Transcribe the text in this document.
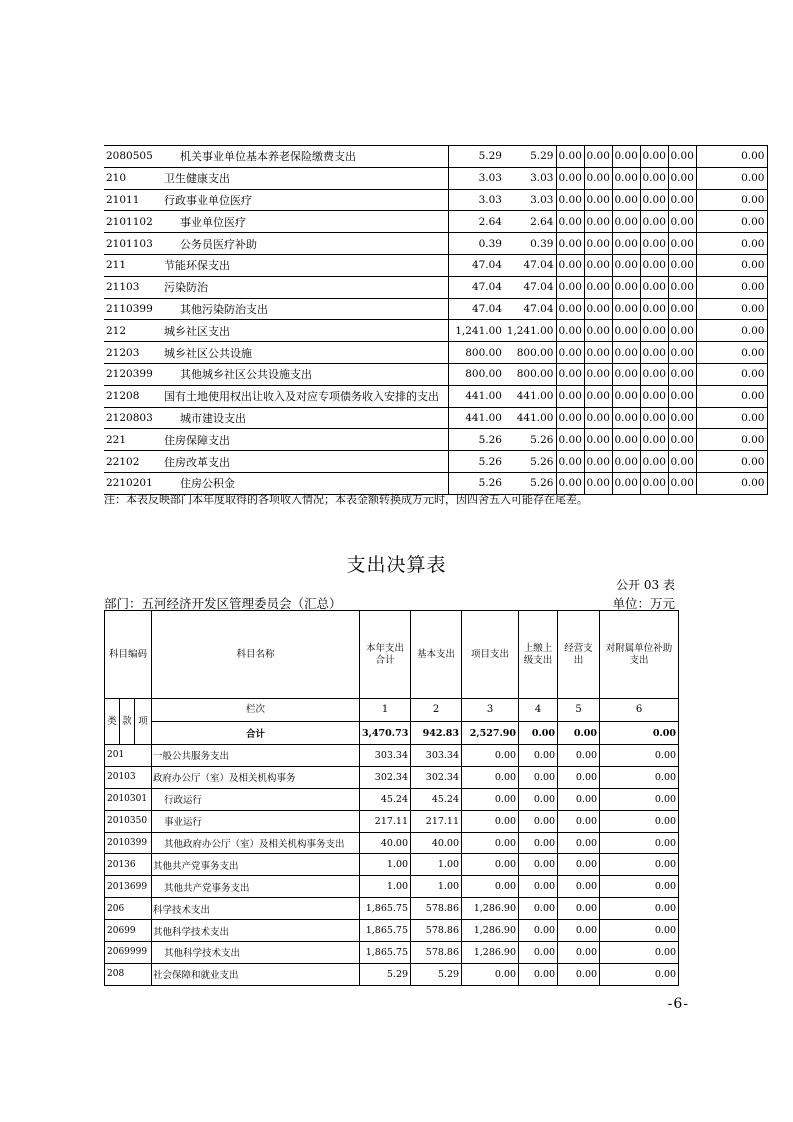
2080505	机关事业单位基本养老保险缴费支出	5.29	5.29	0.00	0.00	0.00	0.00	0.00	0.00
210	卫生健康支出	3.03	3.03	0.00	0.00	0.00	0.00	0.00	0.00
21011	行政事业单位医疗	3.03	3.03	0.00	0.00	0.00	0.00	0.00	0.00
2101102	事业单位医疗	2.64	2.64	0.00	0.00	0.00	0.00	0.00	0.00
2101103	公务员医疗补助	0.39	0.39	0.00	0.00	0.00	0.00	0.00	0.00
211	节能环保支出	47.04	47.04	0.00	0.00	0.00	0.00	0.00	0.00
21103	污染防治	47.04	47.04	0.00	0.00	0.00	0.00	0.00	0.00
2110399	其他污染防治支出	47.04	47.04	0.00	0.00	0.00	0.00	0.00	0.00
212	城乡社区支出	1,241.00	1,241.00	0.00	0.00	0.00	0.00	0.00	0.00
21203	城乡社区公共设施	800.00	800.00	0.00	0.00	0.00	0.00	0.00	0.00
2120399	其他城乡社区公共设施支出	800.00	800.00	0.00	0.00	0.00	0.00	0.00	0.00
21208	国有土地使用权出让收入及对应专项债务收入安排的支出	441.00	441.00	0.00	0.00	0.00	0.00	0.00	0.00
2120803	城市建设支出	441.00	441.00	0.00	0.00	0.00	0.00	0.00	0.00
221	住房保障支出	5.26	5.26	0.00	0.00	0.00	0.00	0.00	0.00
22102	住房改革支出	5.26	5.26	0.00	0.00	0.00	0.00	0.00	0.00
2210201	住房公积金	5.26	5.26	0.00	0.00	0.00	0.00	0.00	0.00
注：本表反映部门本年度取得的各项收入情况；本表金额转换成万元时，因四舍五入可能存在尾差。
支出决算表
公开 03 表
部门：五河经济开发区管理委员会（汇总）	单位：万元
科目编码			科目名称	本年支出合计	基本支出	项目支出	上缴上级支出	经营支出	对附属单位补助支出
类	款	项	栏次	1	2	3	4	5	6
			合计	3,470.73	942.83	2,527.90	0.00	0.00	0.00
201			一般公共服务支出	303.34	303.34	0.00	0.00	0.00	0.00
20103			政府办公厅（室）及相关机构事务	302.34	302.34	0.00	0.00	0.00	0.00
2010301			行政运行	45.24	45.24	0.00	0.00	0.00	0.00
2010350			事业运行	217.11	217.11	0.00	0.00	0.00	0.00
2010399			其他政府办公厅（室）及相关机构事务支出	40.00	40.00	0.00	0.00	0.00	0.00
20136			其他共产党事务支出	1.00	1.00	0.00	0.00	0.00	0.00
2013699			其他共产党事务支出	1.00	1.00	0.00	0.00	0.00	0.00
206			科学技术支出	1,865.75	578.86	1,286.90	0.00	0.00	0.00
20699			其他科学技术支出	1,865.75	578.86	1,286.90	0.00	0.00	0.00
2069999			其他科学技术支出	1,865.75	578.86	1,286.90	0.00	0.00	0.00
208			社会保障和就业支出	5.29	5.29	0.00	0.00	0.00	0.00
-6-
